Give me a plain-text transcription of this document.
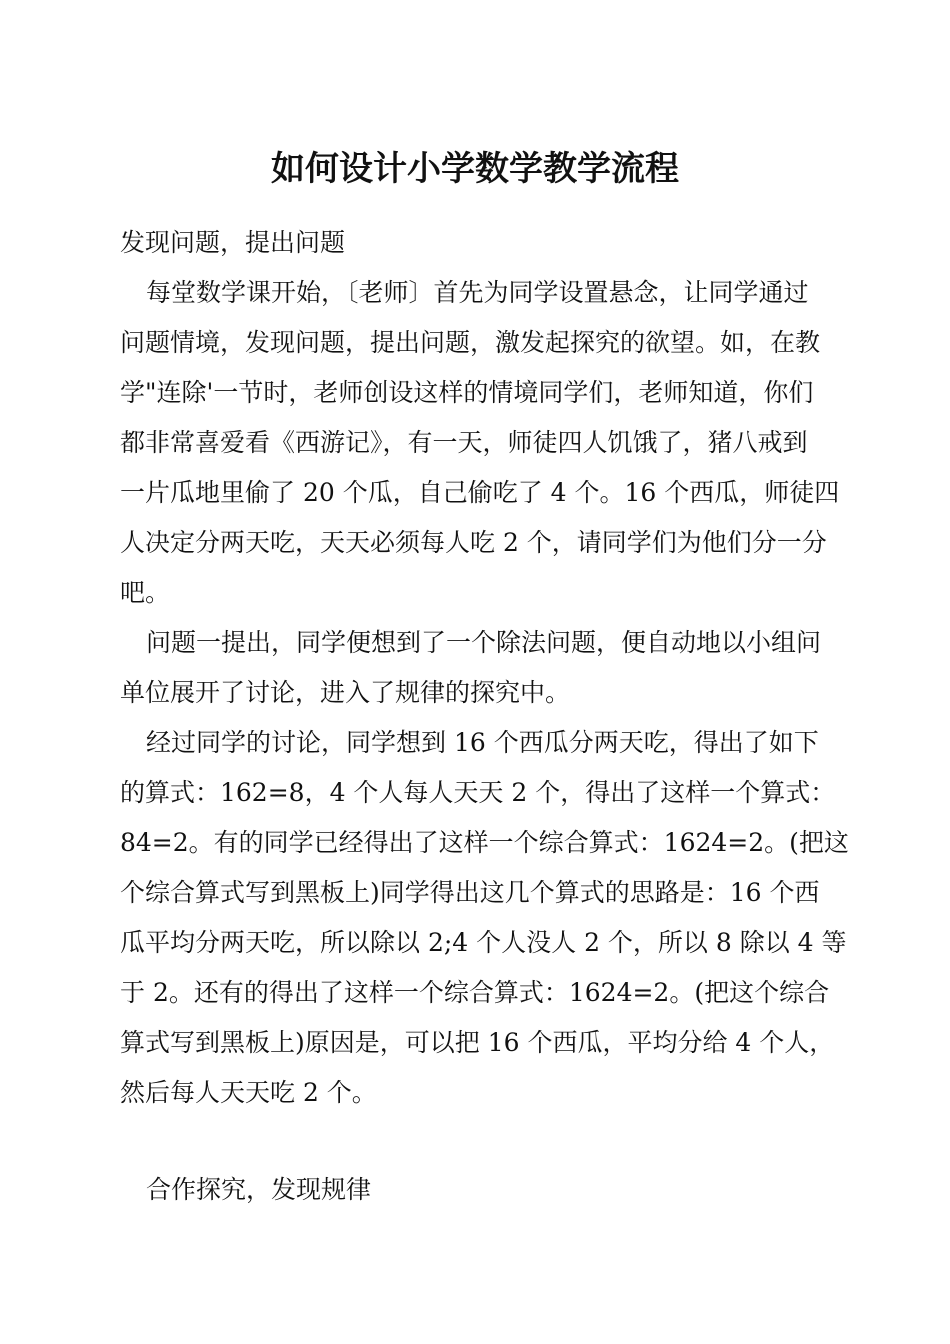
如何设计小学数学教学流程

发现问题，提出问题

每堂数学课开始，〔老师〕首先为同学设置悬念，让同学通过

问题情境，发现问题，提出问题，激发起探究的欲望。如，在教

学"连除'一节时，老师创设这样的情境同学们，老师知道，你们

都非常喜爱看《西游记》，有一天，师徒四人饥饿了，猪八戒到

一片瓜地里偷了 20 个瓜，自己偷吃了 4 个。16 个西瓜，师徒四

人决定分两天吃，天天必须每人吃 2 个，请同学们为他们分一分

吧。

问题一提出，同学便想到了一个除法问题，便自动地以小组问

单位展开了讨论，进入了规律的探究中。

经过同学的讨论，同学想到 16 个西瓜分两天吃，得出了如下

的算式：162=8，4 个人每人天天 2 个，得出了这样一个算式：

84=2。有的同学已经得出了这样一个综合算式：1624=2。(把这

个综合算式写到黑板上)同学得出这几个算式的思路是：16 个西

瓜平均分两天吃，所以除以 2;4 个人没人 2 个，所以 8 除以 4 等

于 2。还有的得出了这样一个综合算式：1624=2。(把这个综合

算式写到黑板上)原因是，可以把 16 个西瓜，平均分给 4 个人，

然后每人天天吃 2 个。

合作探究，发现规律
